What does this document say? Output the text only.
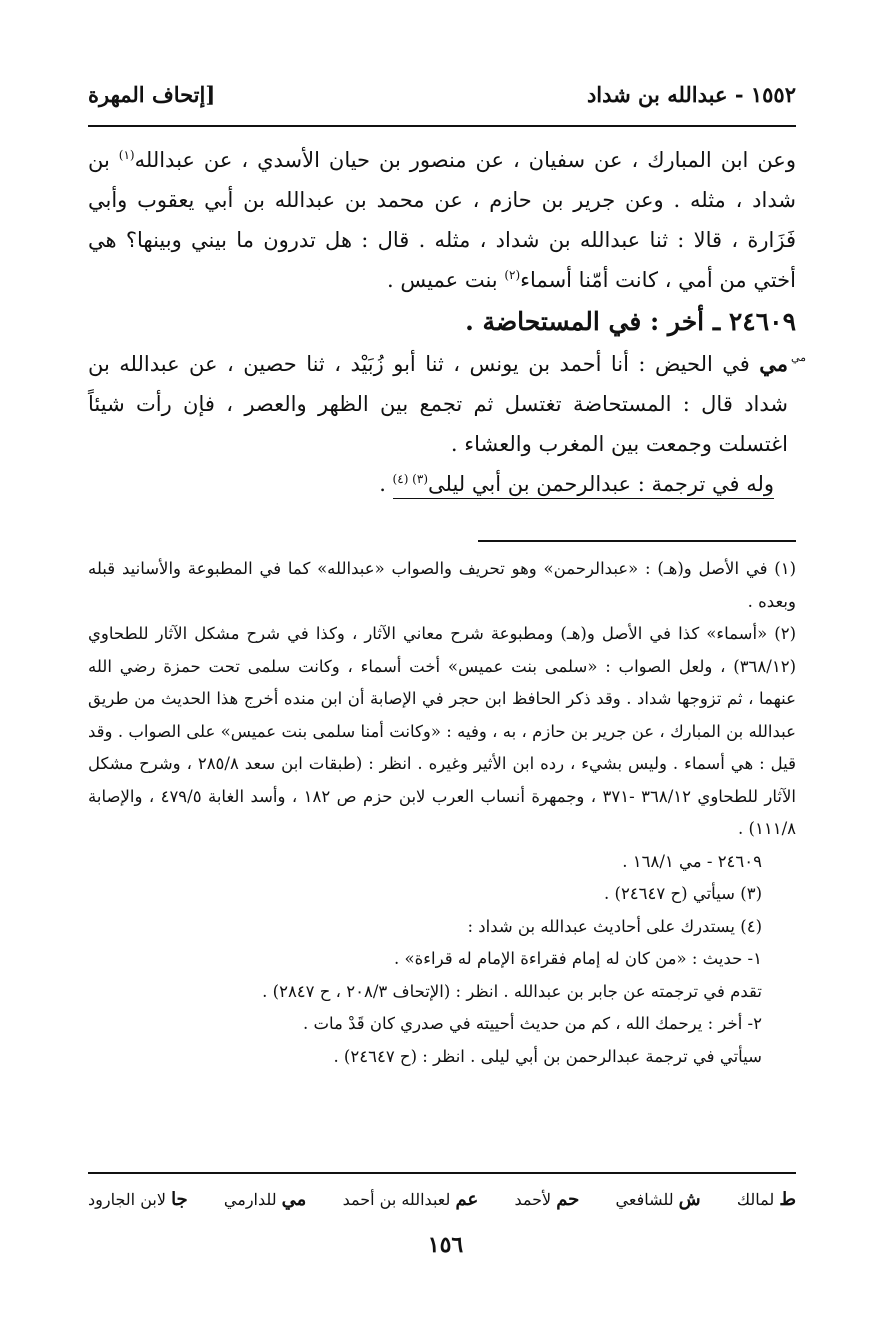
١٥٥٢ - عبدالله بن شداد
[إتحاف المهرة

وعن ابن المبارك ، عن سفيان ، عن منصور بن حيان الأسدي ، عن عبدالله$^{(١)}$ بن شداد ، مثله . وعن جرير بن حازم ، عن محمد بن عبدالله بن أبي يعقوب وأبي فَزَارة ، قالا : ثنا عبدالله بن شداد ، مثله . قال : هل تدرون ما بيني وبينها؟ هي أختي من أمي ، كانت أمّنا أسماء$^{(٢)}$ بنت عميس .

٢٤٦٠٩ ـ أخر : في المستحاضة .

مي مي
في الحيض : أنا أحمد بن يونس ، ثنا أبو زُبَيْد ، ثنا حصين ، عن عبدالله بن شداد قال : المستحاضة تغتسل ثم تجمع بين الظهر والعصر ، فإن رأت شيئاً اغتسلت وجمعت بين المغرب والعشاء .

وله في ترجمة : عبدالرحمن بن أبي ليلى$^{(٣) (٤)}$ .

(١) في الأصل و(هـ) : «عبدالرحمن» وهو تحريف والصواب «عبدالله» كما في المطبوعة والأسانيد قبله وبعده .

(٢) «أسماء» كذا في الأصل و(هـ) ومطبوعة شرح معاني الآثار ، وكذا في شرح مشكل الآثار للطحاوي (٣٦٨/١٢) ، ولعل الصواب : «سلمى بنت عميس» أخت أسماء ، وكانت سلمى تحت حمزة رضي الله عنهما ، ثم تزوجها شداد . وقد ذكر الحافظ ابن حجر في الإصابة أن ابن منده أخرج هذا الحديث من طريق عبدالله بن المبارك ، عن جرير بن حازم ، به ، وفيه : «وكانت أمنا سلمى بنت عميس» على الصواب . وقد قيل : هي أسماء . وليس بشيء ، رده ابن الأثير وغيره . انظر : (طبقات ابن سعد ٢٨٥/٨ ، وشرح مشكل الآثار للطحاوي ٣٦٨/١٢ -٣٧١ ، وجمهرة أنساب العرب لابن حزم ص ١٨٢ ، وأسد الغابة ٤٧٩/٥ ، والإصابة ١١١/٨) .

٢٤٦٠٩ - مي ١٦٨/١ .

(٣) سيأتي (ح ٢٤٦٤٧) .

(٤) يستدرك على أحاديث عبدالله بن شداد :

١- حديث : «من كان له إمام فقراءة الإمام له قراءة» .

تقدم في ترجمته عن جابر بن عبدالله . انظر : (الإتحاف ٢٠٨/٣ ، ح ٢٨٤٧) .

٢- أخر : يرحمك الله ، كم من حديث أحييته في صدري كان قَدْ مات .

سيأتي في ترجمة عبدالرحمن بن أبي ليلى . انظر : (ح ٢٤٦٤٧) .

ط لمالك
ش للشافعي
حم لأحمد
عم لعبدالله بن أحمد
مي للدارمي
جا لابن الجارود
١٥٦
